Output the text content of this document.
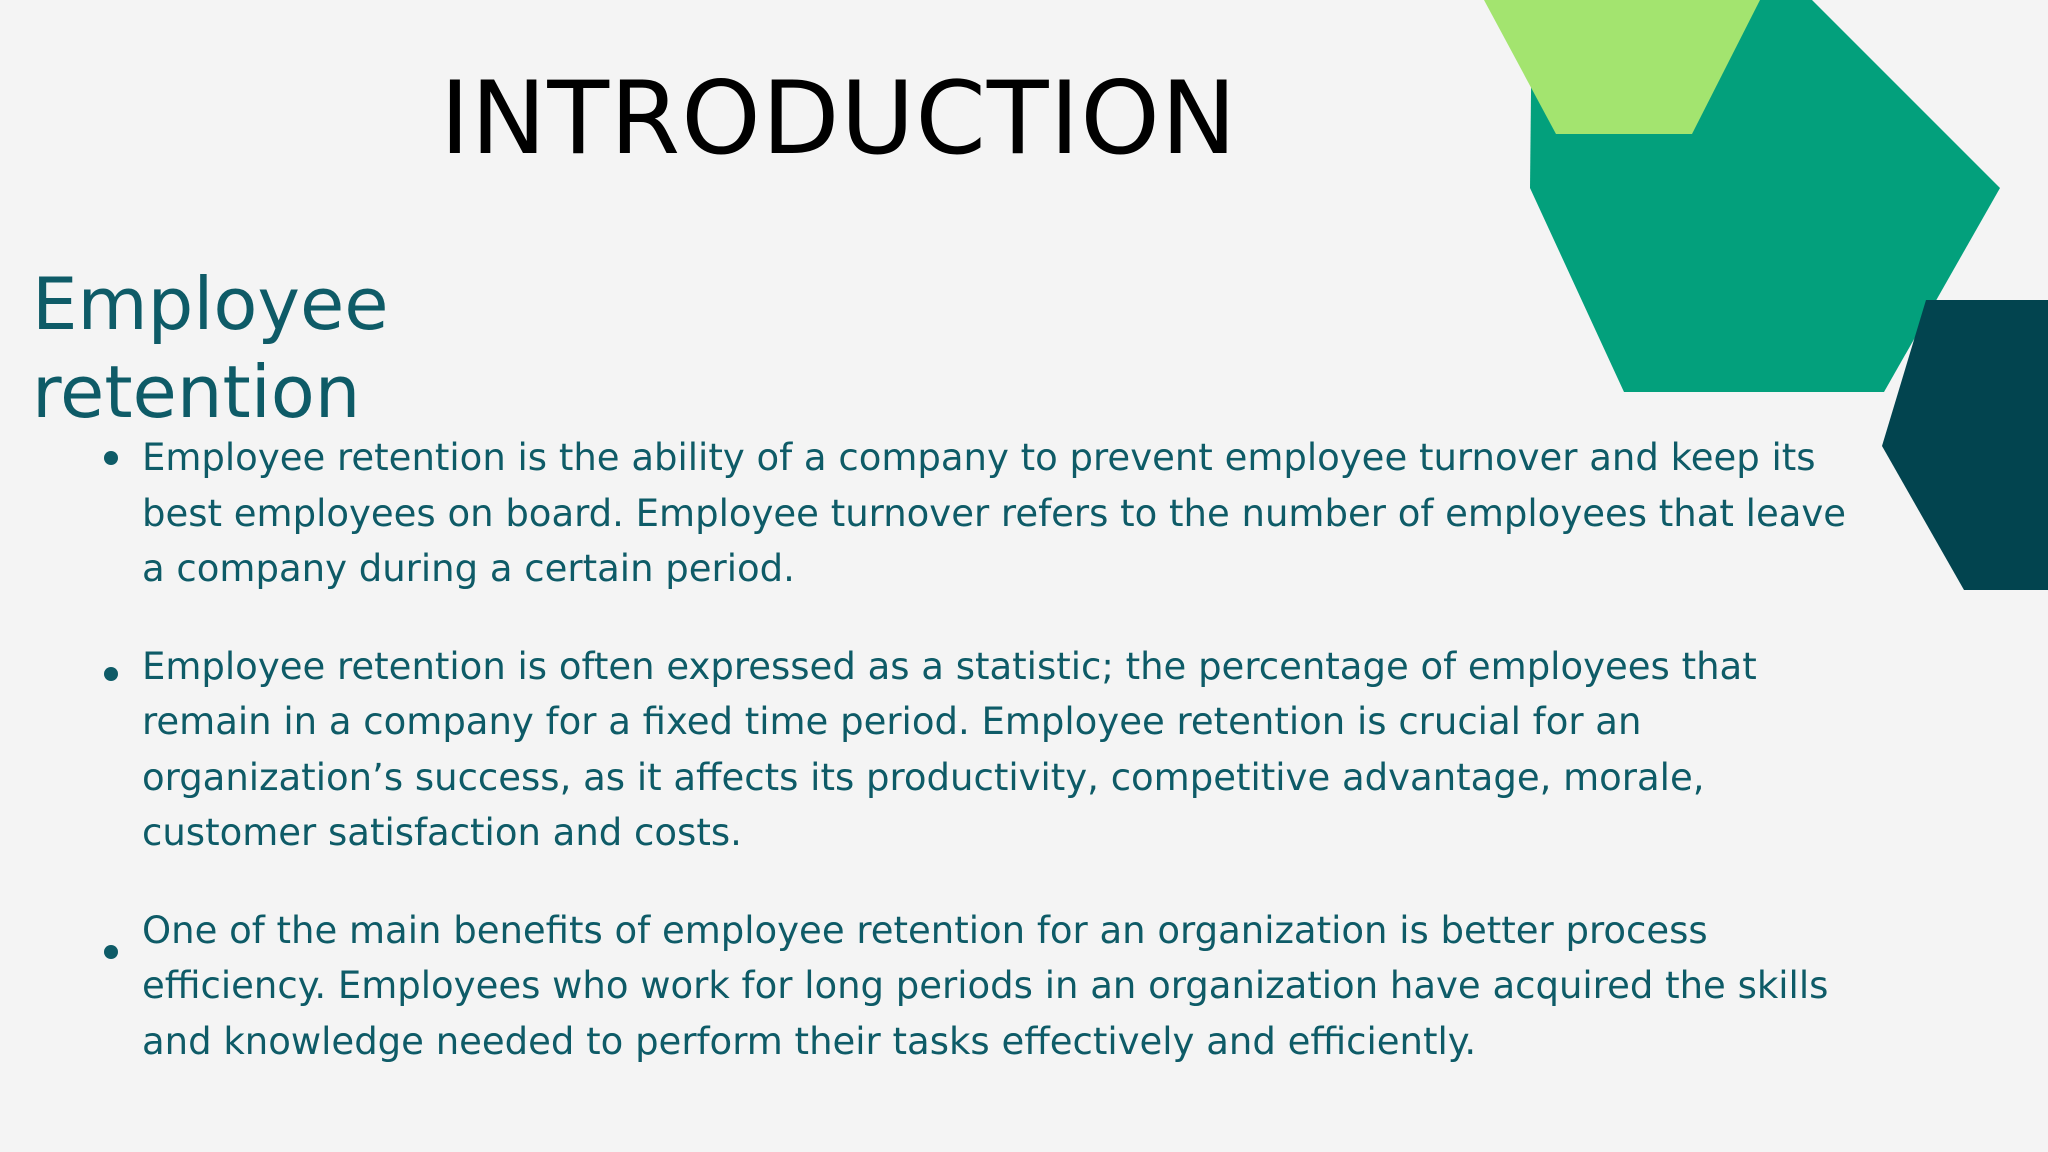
INTRODUCTION
Employee retention
Employee retention is the ability of a company to prevent employee turnover and keep its best employees on board. Employee turnover refers to the number of employees that leave a company during a certain period.
Employee retention is often expressed as a statistic; the percentage of employees that remain in a company for a fixed time period. Employee retention is crucial for an organization’s success, as it affects its productivity, competitive advantage, morale, customer satisfaction and costs.
One of the main benefits of employee retention for an organization is better process efficiency. Employees who work for long periods in an organization have acquired the skills and knowledge needed to perform their tasks effectively and efficiently.
